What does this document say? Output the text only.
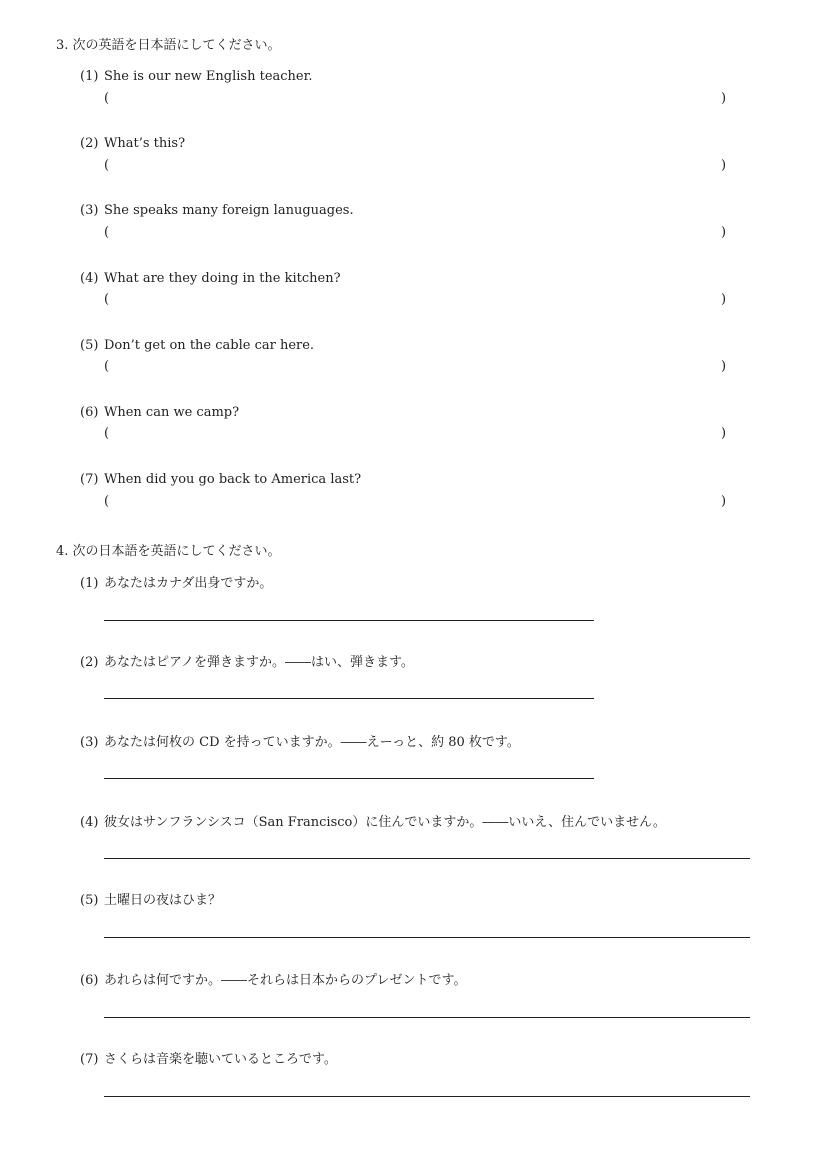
3. 次の英語を日本語にしてください。
(1) She is our new English teacher.
(	)
(2) What’s this?
(	)
(3) She speaks many foreign lanuguages.
(	)
(4) What are they doing in the kitchen?
(	)
(5) Don’t get on the cable car here.
(	)
(6) When can we camp?
(	)
(7) When did you go back to America last?
(	)
4. 次の日本語を英語にしてください。
(1) あなたはカナダ出身ですか。
(2) あなたはピアノを弾きますか。――はい、弾きます。
(3) あなたは何枚の CD を持っていますか。――えーっと、約 80 枚です。
(4) 彼女はサンフランシスコ（San Francisco）に住んでいますか。――いいえ、住んでいません。
(5) 土曜日の夜はひま？
(6) あれらは何ですか。――それらは日本からのプレゼントです。
(7) さくらは音楽を聴いているところです。
